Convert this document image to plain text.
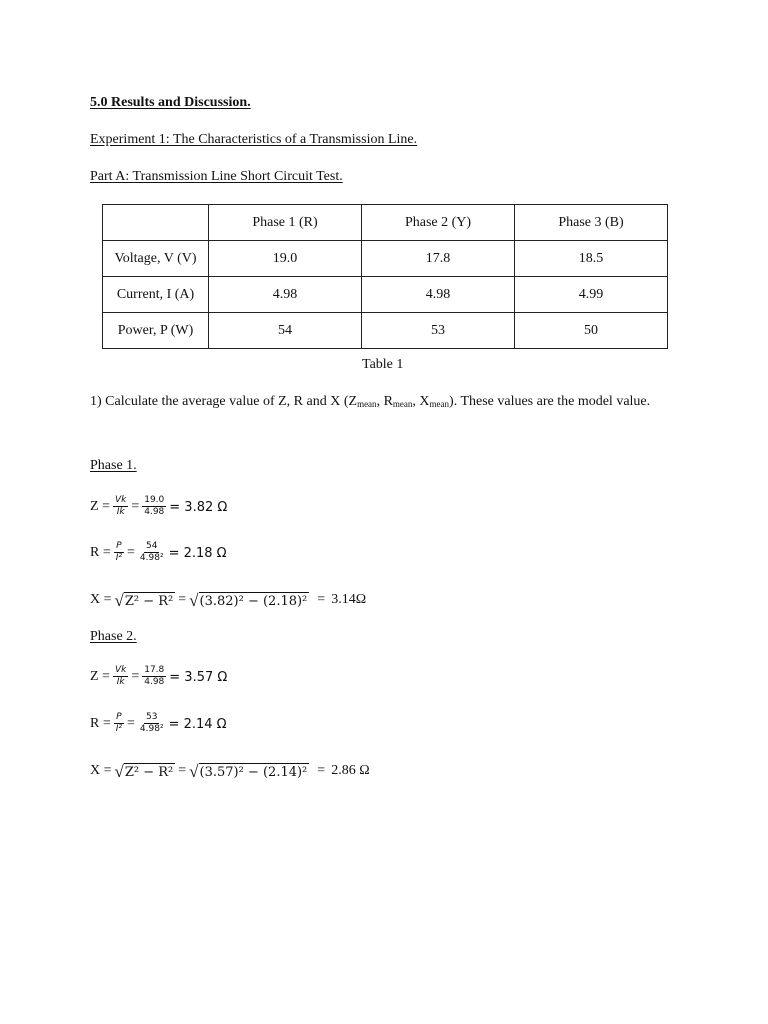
5.0 Results and Discussion.
Experiment 1: The Characteristics of a Transmission Line.
Part A: Transmission Line Short Circuit Test.
	Phase 1 (R)	Phase 2 (Y)	Phase 3 (B)
Voltage, V (V)	19.0	17.8	18.5
Current, I (A)	4.98	4.98	4.99
Power, P (W)	54	53	50
Table 1
1) Calculate the average value of Z, R and X ($Z_{mean}$, $R_{mean}$, $X_{mean}$). These values are the model value.
Phase 1.
$Z = \frac{Vk}{Ik} = \frac{19.0}{4.98} = 3.82$ Ω
$R = \frac{P}{\text{I²}} = \frac{54}{\text{4.98²}} = 2.18$ Ω
X = √ Z² − R² = √ (3.82)² − (2.18)² = 3.14Ω
Phase 2.
$Z = \frac{Vk}{Ik} = \frac{17.8}{4.98} = 3.57$ Ω
$R = \frac{P}{\text{I²}} = \frac{53}{\text{4.98²}} = 2.14$ Ω
X = √ Z² − R² = √ (3.57)² − (2.14)² = 2.86 Ω
